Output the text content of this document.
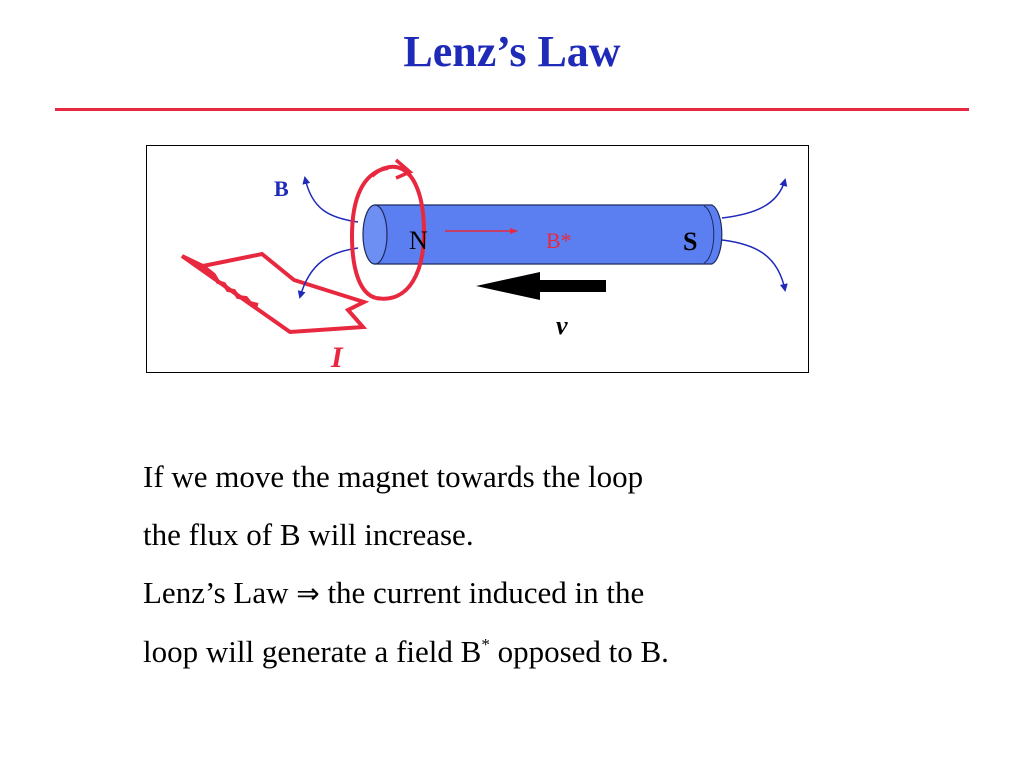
Lenz’s Law
B
N	B*	S
v
I
If we move the magnet towards the loop
the flux of B will increase.
Lenz’s Law ⇒ the current induced in the
loop will generate a field B* opposed to B.
